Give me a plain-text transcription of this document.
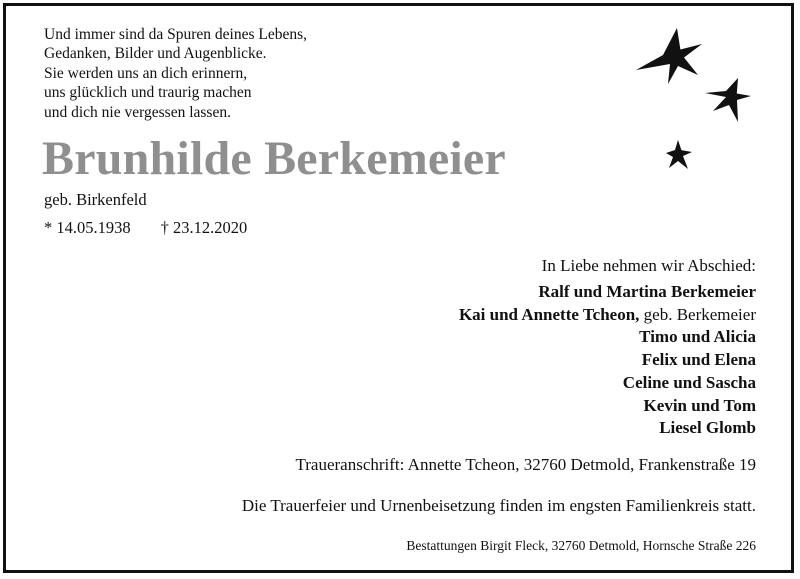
Und immer sind da Spuren deines Lebens,
Gedanken, Bilder und Augenblicke.
Sie werden uns an dich erinnern,
uns glücklich und traurig machen
und dich nie vergessen lassen.
Brunhilde Berkemeier
geb. Birkenfeld
* 14.05.1938 † 23.12.2020
In Liebe nehmen wir Abschied:
Ralf und Martina Berkemeier
Kai und Annette Tcheon, geb. Berkemeier
Timo und Alicia
Felix und Elena
Celine und Sascha
Kevin und Tom
Liesel Glomb
Traueranschrift: Annette Tcheon, 32760 Detmold, Frankenstraße 19
Die Trauerfeier und Urnenbeisetzung finden im engsten Familienkreis statt.
Bestattungen Birgit Fleck, 32760 Detmold, Hornsche Straße 226
